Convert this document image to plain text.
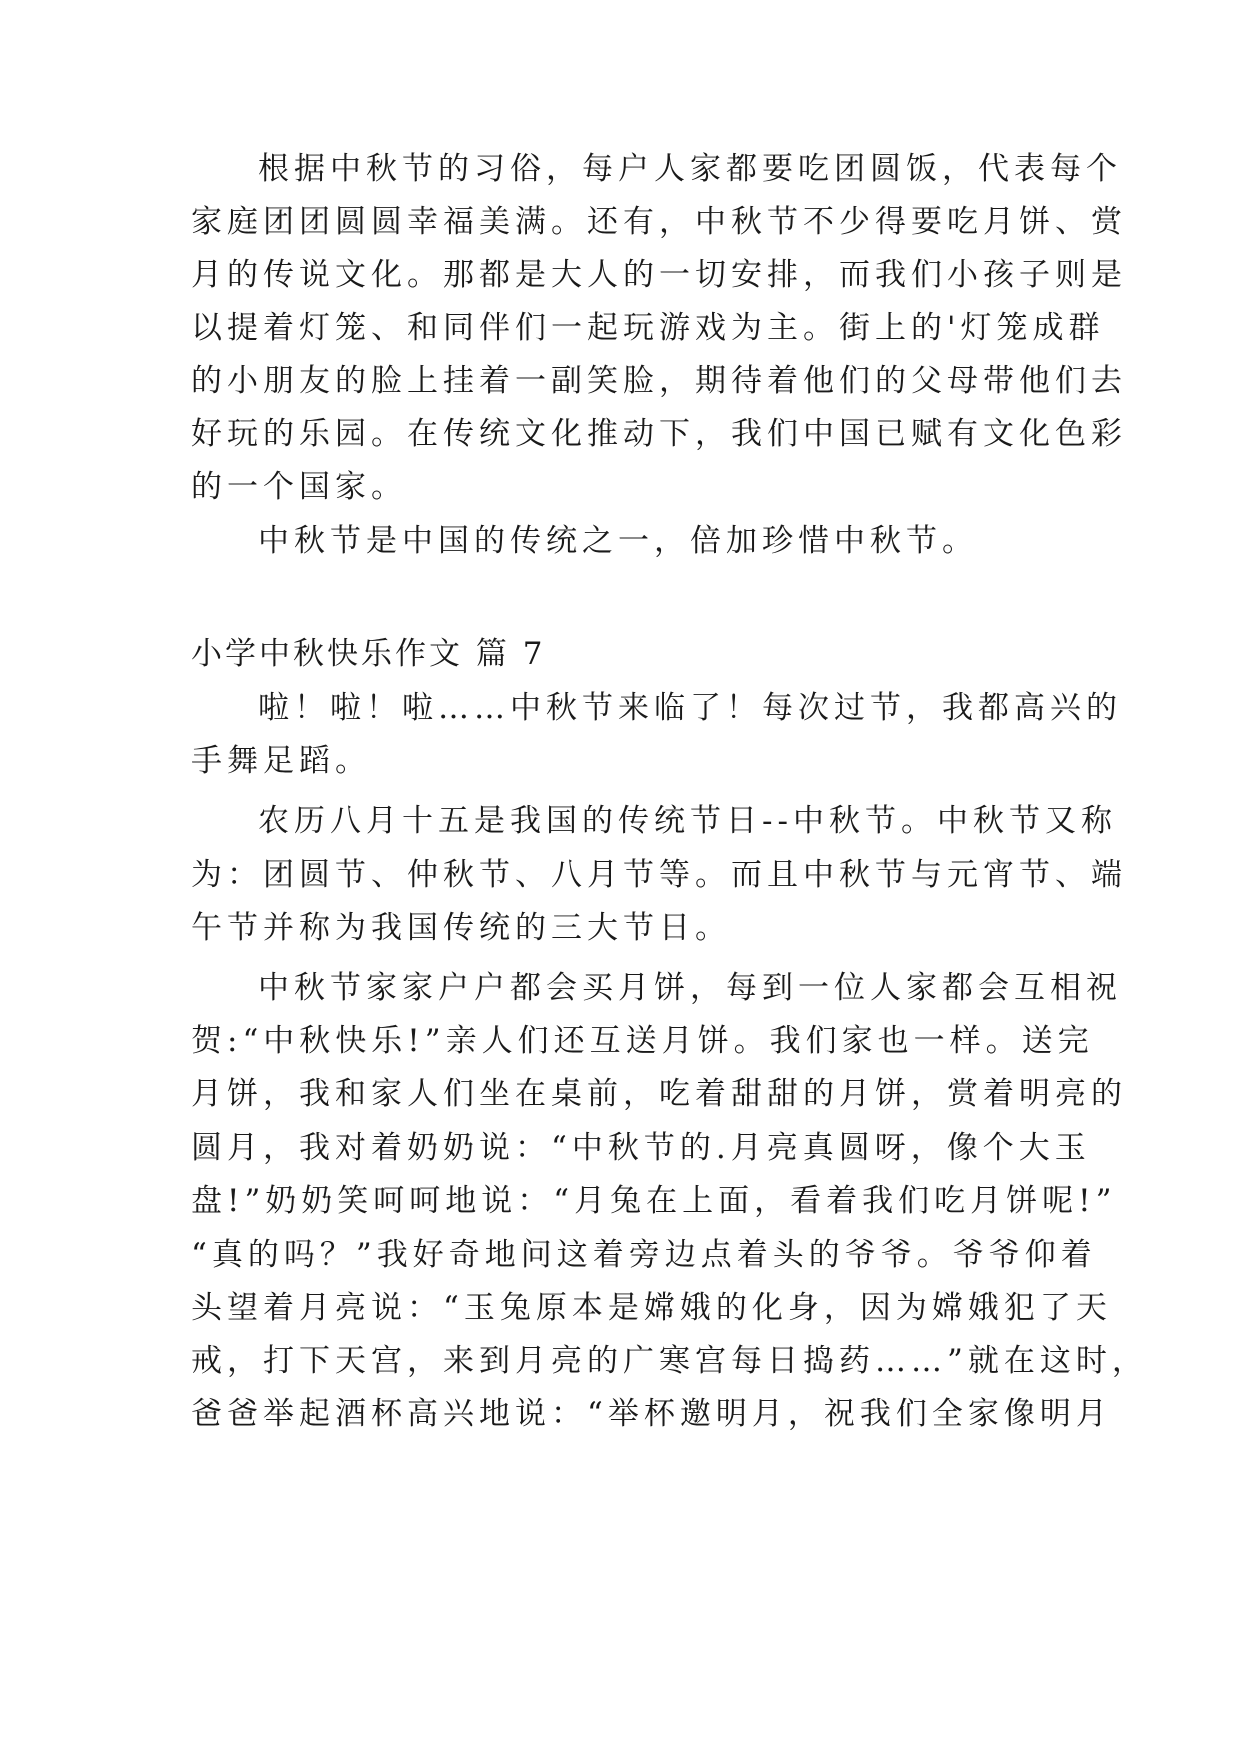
根据中秋节的习俗，每户人家都要吃团圆饭，代表每个
家庭团团圆圆幸福美满。还有，中秋节不少得要吃月饼、赏
月的传说文化。那都是大人的一切安排，而我们小孩子则是
以提着灯笼、和同伴们一起玩游戏为主。街上的'灯笼成群
的小朋友的脸上挂着一副笑脸，期待着他们的父母带他们去
好玩的乐园。在传统文化推动下，我们中国已赋有文化色彩
的一个国家。
中秋节是中国的传统之一，倍加珍惜中秋节。
小学中秋快乐作文 篇 7
啦！啦！啦……中秋节来临了！每次过节，我都高兴的
手舞足蹈。
农历八月十五是我国的传统节日--中秋节。中秋节又称
为：团圆节、仲秋节、八月节等。而且中秋节与元宵节、端
午节并称为我国传统的三大节日。
中秋节家家户户都会买月饼，每到一位人家都会互相祝
贺:“中秋快乐!”亲人们还互送月饼。我们家也一样。送完
月饼，我和家人们坐在桌前，吃着甜甜的月饼，赏着明亮的
圆月，我对着奶奶说：“中秋节的.月亮真圆呀，像个大玉
盘!”奶奶笑呵呵地说：“月兔在上面，看着我们吃月饼呢!”
“真的吗？”我好奇地问这着旁边点着头的爷爷。爷爷仰着
头望着月亮说：“玉兔原本是嫦娥的化身，因为嫦娥犯了天
戒，打下天宫，来到月亮的广寒宫每日捣药……”就在这时，
爸爸举起酒杯高兴地说：“举杯邀明月，祝我们全家像明月
